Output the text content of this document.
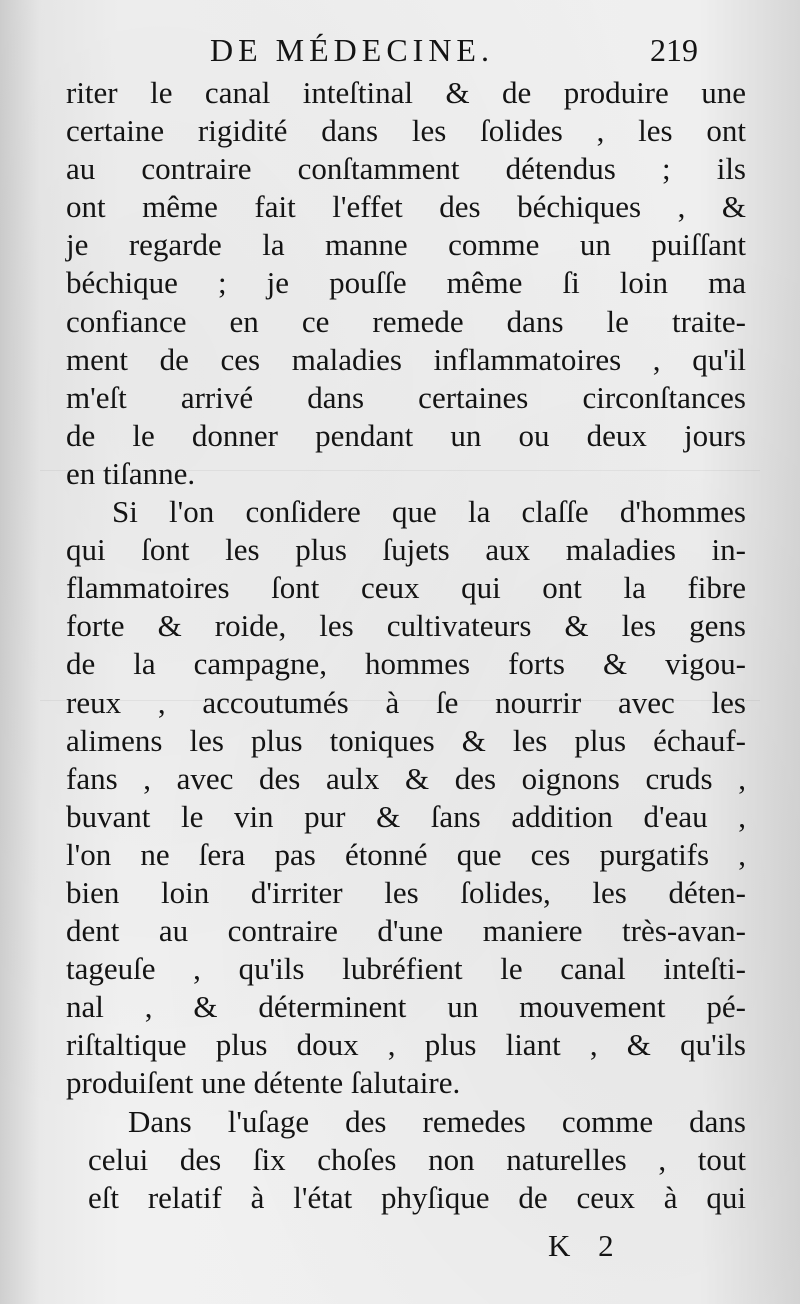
DE MÉDECINE.	219
riter le canal inteſtinal & de produire une
certaine rigidité dans les ſolides , les ont
au contraire conſtamment détendus ; ils
ont même fait l'effet des béchiques , &
je regarde la manne comme un puiſſant
béchique ; je pouſſe même ſi loin ma
confiance en ce remede dans le traite-
ment de ces maladies inflammatoires , qu'il
m'eſt arrivé dans certaines circonſtances
de le donner pendant un ou deux jours
en tiſanne.
Si l'on conſidere que la claſſe d'hommes
qui ſont les plus ſujets aux maladies in-
flammatoires ſont ceux qui ont la fibre
forte & roide, les cultivateurs & les gens
de la campagne, hommes forts & vigou-
reux , accoutumés à ſe nourrir avec les
alimens les plus toniques & les plus échauf-
fans , avec des aulx & des oignons cruds ,
buvant le vin pur & ſans addition d'eau ,
l'on ne ſera pas étonné que ces purgatifs ,
bien loin d'irriter les ſolides, les déten-
dent au contraire d'une maniere très-avan-
tageuſe , qu'ils lubréfient le canal inteſti-
nal , & déterminent un mouvement pé-
riſtaltique plus doux , plus liant , & qu'ils
produiſent une détente ſalutaire.
Dans l'uſage des remedes comme dans
celui des ſix choſes non naturelles , tout
eſt relatif à l'état phyſique de ceux à qui
K 2
